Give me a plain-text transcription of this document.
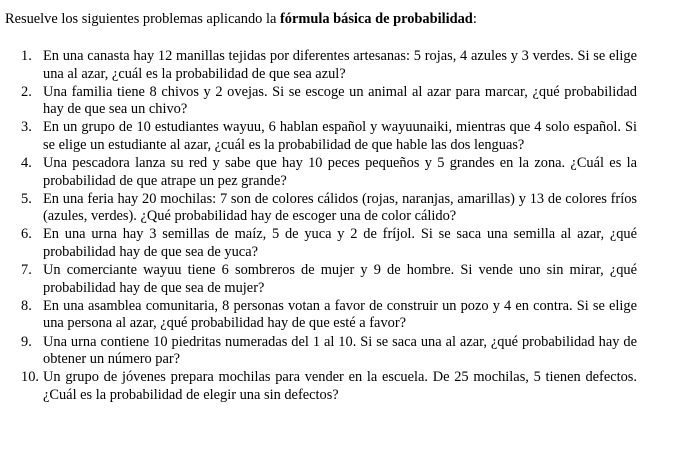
Resuelve los siguientes problemas aplicando la fórmula básica de probabilidad:
1. En una canasta hay 12 manillas tejidas por diferentes artesanas: 5 rojas, 4 azules y 3 verdes. Si se elige una al azar, ¿cuál es la probabilidad de que sea azul?
2. Una familia tiene 8 chivos y 2 ovejas. Si se escoge un animal al azar para marcar, ¿qué probabilidad hay de que sea un chivo?
3. En un grupo de 10 estudiantes wayuu, 6 hablan español y wayuunaiki, mientras que 4 solo español. Si se elige un estudiante al azar, ¿cuál es la probabilidad de que hable las dos lenguas?
4. Una pescadora lanza su red y sabe que hay 10 peces pequeños y 5 grandes en la zona. ¿Cuál es la probabilidad de que atrape un pez grande?
5. En una feria hay 20 mochilas: 7 son de colores cálidos (rojas, naranjas, amarillas) y 13 de colores fríos (azules, verdes). ¿Qué probabilidad hay de escoger una de color cálido?
6. En una urna hay 3 semillas de maíz, 5 de yuca y 2 de fríjol. Si se saca una semilla al azar, ¿qué probabilidad hay de que sea de yuca?
7. Un comerciante wayuu tiene 6 sombreros de mujer y 9 de hombre. Si vende uno sin mirar, ¿qué probabilidad hay de que sea de mujer?
8. En una asamblea comunitaria, 8 personas votan a favor de construir un pozo y 4 en contra. Si se elige una persona al azar, ¿qué probabilidad hay de que esté a favor?
9. Una urna contiene 10 piedritas numeradas del 1 al 10. Si se saca una al azar, ¿qué probabilidad hay de obtener un número par?
10. Un grupo de jóvenes prepara mochilas para vender en la escuela. De 25 mochilas, 5 tienen defectos. ¿Cuál es la probabilidad de elegir una sin defectos?
